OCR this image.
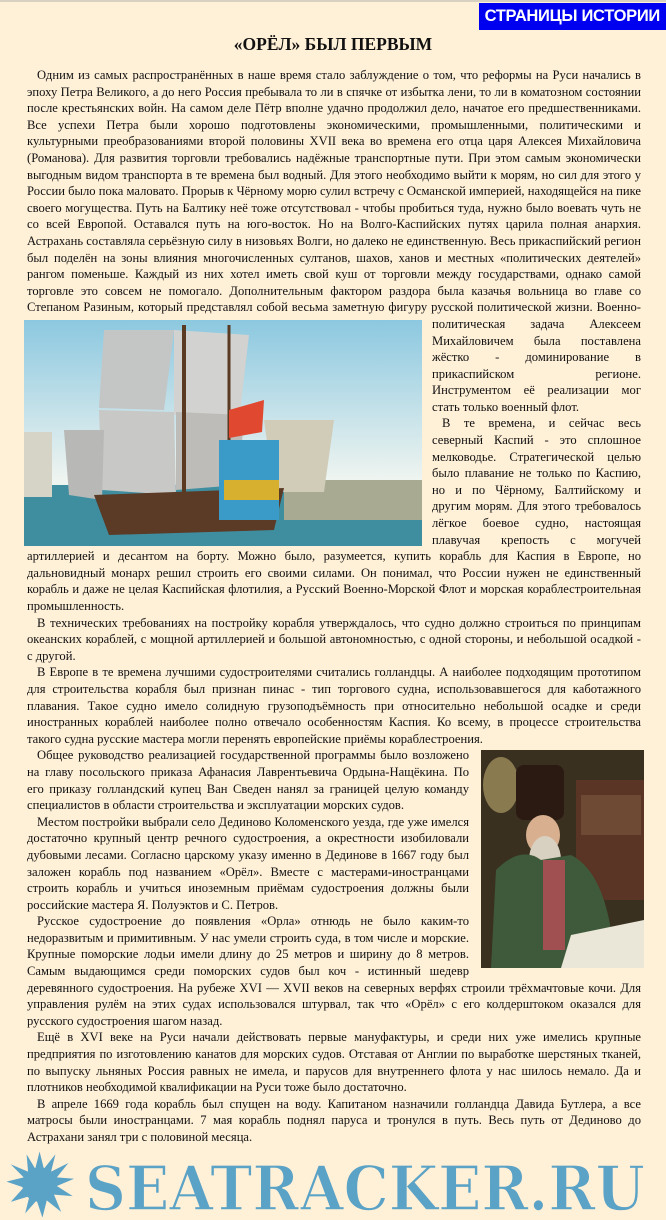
СТРАНИЦЫ ИСТОРИИ
«ОРЁЛ» БЫЛ ПЕРВЫМ

Одним из самых распространённых в наше время стало заблуждение о том, что реформы на Руси начались в эпоху Петра Великого, а до него Россия пребывала то ли в спячке от избытка лени, то ли в коматозном состоянии после крестьянских войн. На самом деле Пётр вполне удачно продолжил дело, начатое его предшественниками. Все успехи Петра были хорошо подготовлены экономическими, промышленными, политическими и культурными преобразованиями второй половины XVII века во времена его отца царя Алексея Михайловича (Романова). Для развития торговли требовались надёжные транспортные пути. При этом самым экономически выгодным видом транспорта в те времена был водный. Для этого необходимо выйти к морям, но сил для этого у России было пока маловато. Прорыв к Чёрному морю сулил встречу с Османской империей, находящейся на пике своего могущества. Путь на Балтику неё тоже отсутствовал - чтобы пробиться туда, нужно было воевать чуть не со всей Европой. Оставался путь на юго-восток. Но на Волго-Каспийских путях царила полная анархия. Астрахань составляла серьёзную силу в низовьях Волги, но далеко не единственную. Весь прикаспийский регион был поделён на зоны влияния многочисленных султанов, шахов, ханов и местных «политических деятелей» рангом поменьше. Каждый из них хотел иметь свой куш от торговли между государствами, однако самой торговле это совсем не помогало. Дополнительным фактором раздора была казачья вольница во главе со Степаном Разиным, который представлял собой весьма заметную фигуру русской политической жизни. Военно-политическая задача Алексеем Михайловичем была поставлена жёстко - доминирование в прикаспийском регионе. Инструментом её реализации мог стать только военный флот.

В те времена, и сейчас весь северный Каспий - это сплошное мелководье. Стратегической целью было плавание не только по Каспию, но и по Чёрному, Балтийскому и другим морям. Для этого требовалось лёгкое боевое судно, настоящая плавучая крепость с могучей артиллерией и десантом на борту. Можно было, разумеется, купить корабль для Каспия в Европе, но дальновидный монарх решил строить его своими силами. Он понимал, что России нужен не единственный корабль и даже не целая Каспийская флотилия, а Русский Военно-Морской Флот и морская кораблестроительная промышленность.

В технических требованиях на постройку корабля утверждалось, что судно должно строиться по принципам океанских кораблей, с мощной артиллерией и большой автономностью, с одной стороны, и небольшой осадкой - с другой.

В Европе в те времена лучшими судостроителями считались голландцы. А наиболее подходящим прототипом для строительства корабля был признан пинас - тип торгового судна, использовавшегося для каботажного плавания. Такое судно имело солидную грузоподъёмность при относительно небольшой осадке и среди иностранных кораблей наиболее полно отвечало особенностям Каспия. Ко всему, в процессе строительства такого судна русские мастера могли перенять европейские приёмы кораблестроения.

Общее руководство реализацией государственной программы было возложено на главу посольского приказа Афанасия Лаврентьевича Ордына-Нащёкина. По его приказу голландский купец Ван Сведен нанял за границей целую команду специалистов в области строительства и эксплуатации морских судов.

Местом постройки выбрали село Дединово Коломенского уезда, где уже имелся достаточно крупный центр речного судостроения, а окрестности изобиловали дубовыми лесами. Согласно царскому указу именно в Дединове в 1667 году был заложен корабль под названием «Орёл». Вместе с мастерами-иностранцами строить корабль и учиться иноземным приёмам судостроения должны были российские мастера Я. Полуэктов и С. Петров.

Русское судостроение до появления «Орла» отнюдь не было каким-то недоразвитым и примитивным. У нас умели строить суда, в том числе и морские. Крупные поморские лодьи имели длину до 25 метров и ширину до 8 метров. Самым выдающимся среди поморских судов был коч - истинный шедевр деревянного судостроения. На рубеже XVI — XVII веков на северных верфях строили трёхмачтовые кочи. Для управления рулём на этих судах использовался штурвал, так что «Орёл» с его колдерштоком оказался для русского судостроения шагом назад.

Ещё в XVI веке на Руси начали действовать первые мануфактуры, и среди них уже имелись крупные предприятия по изготовлению канатов для морских судов. Отставая от Англии по выработке шерстяных тканей, по выпуску льняных Россия равных не имела, и парусов для внутреннего флота у нас шилось немало. Да и плотников необходимой квалификации на Руси тоже было достаточно.

В апреле 1669 года корабль был спущен на воду. Капитаном назначили голландца Давида Бутлера, а все матросы были иностранцами. 7 мая корабль поднял паруса и тронулся в путь. Весь путь от Дединово до Астрахани занял три с половиной месяца.

SEATRACKER.RU
